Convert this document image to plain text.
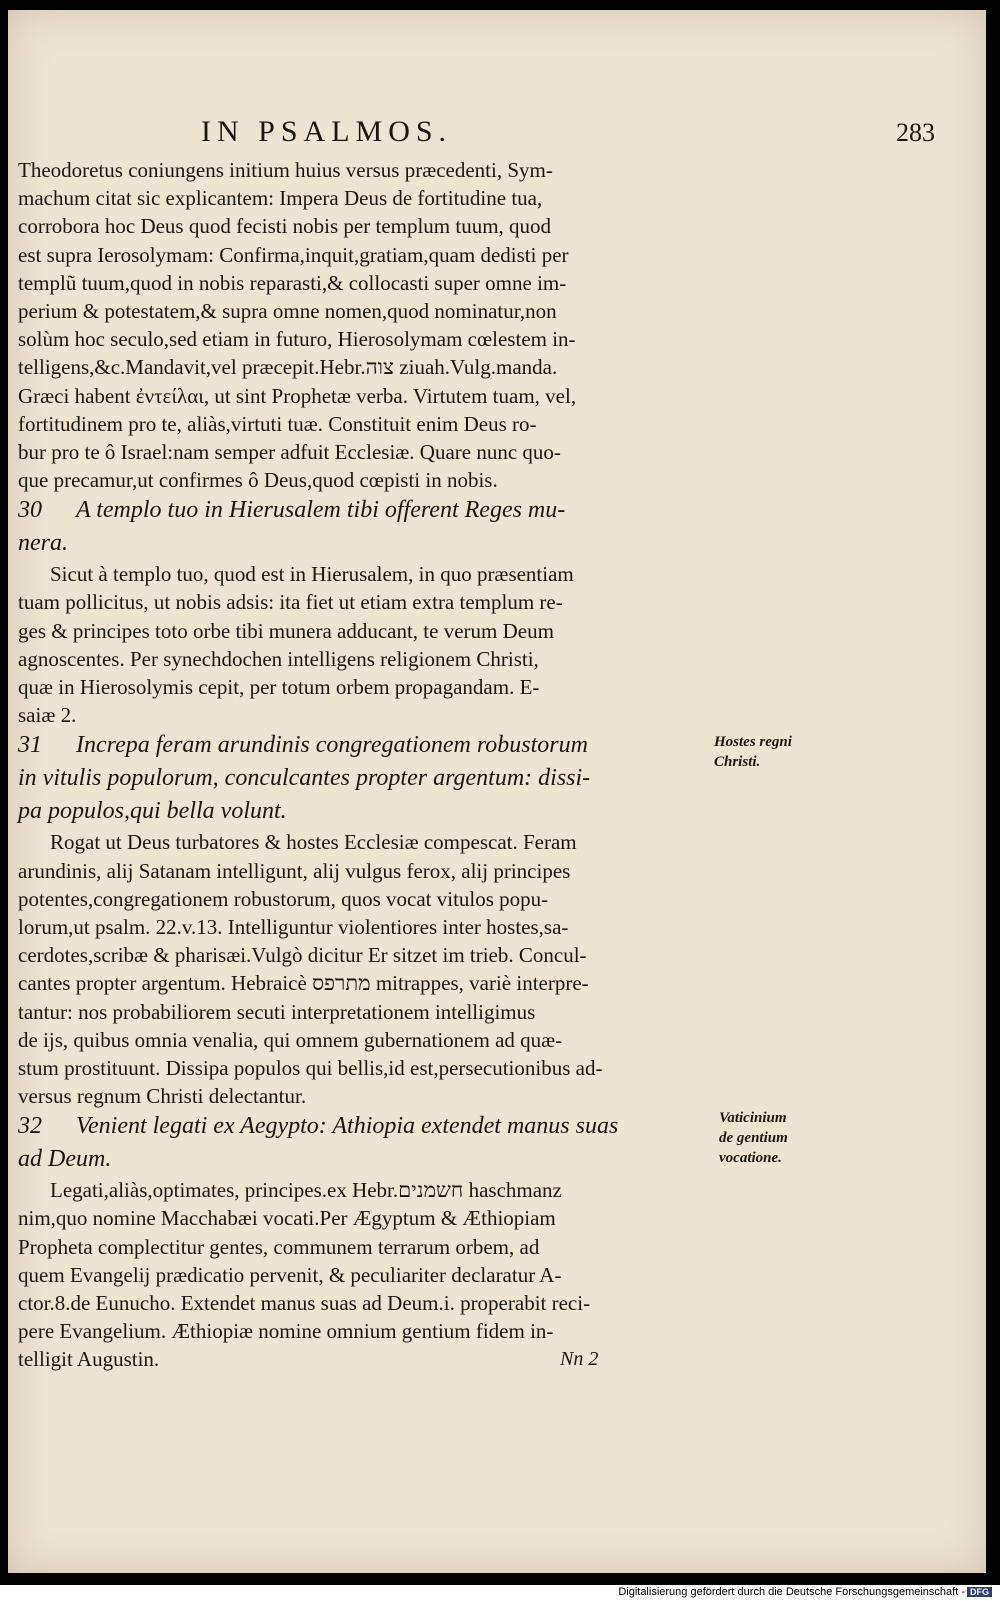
IN PSALMOS.	283
Theodoretus coniungens initium huius versus præcedenti, Sym-
machum citat sic explicantem: Impera Deus de fortitudine tua,
corrobora hoc Deus quod fecisti nobis per templum tuum, quod
est supra Ierosolymam: Confirma,inquit,gratiam,quam dedisti per
templũ tuum,quod in nobis reparasti,& collocasti super omne im-
perium & potestatem,& supra omne nomen,quod nominatur,non
solùm hoc seculo,sed etiam in futuro, Hierosolymam cœlestem in-
telligens,&c.Mandavit,vel præcepit.Hebr.צוה ziuah.Vulg.manda.
Græci habent ἐντείλαι, ut sint Prophetæ verba. Virtutem tuam, vel,
fortitudinem pro te, aliàs,virtuti tuæ. Constituit enim Deus ro-
bur pro te ô Israel:nam semper adfuit Ecclesiæ. Quare nunc quo-
que precamur,ut confirmes ô Deus,quod cœpisti in nobis.
30 A templo tuo in Hierusalem tibi offerent Reges mu-
nera.
Sicut à templo tuo, quod est in Hierusalem, in quo præsentiam
tuam pollicitus, ut nobis adsis: ita fiet ut etiam extra templum re-
ges & principes toto orbe tibi munera adducant, te verum Deum
agnoscentes. Per synechdochen intelligens religionem Christi,
quæ in Hierosolymis cepit, per totum orbem propagandam. E-
saiæ 2.
31 Increpa feram arundinis congregationem robustorum
in vitulis populorum, conculcantes propter argentum: dissi-
pa populos,qui bella volunt.
Rogat ut Deus turbatores & hostes Ecclesiæ compescat. Feram
arundinis, alij Satanam intelligunt, alij vulgus ferox, alij principes
potentes,congregationem robustorum, quos vocat vitulos popu-
lorum,ut psalm. 22.v.13. Intelliguntur violentiores inter hostes,sa-
cerdotes,scribæ & pharisæi.Vulgò dicitur Er sitzet im trieb. Concul-
cantes propter argentum. Hebraicè מתרפס mitrappes, variè interpre-
tantur: nos probabiliorem secuti interpretationem intelligimus
de ijs, quibus omnia venalia, qui omnem gubernationem ad quæ-
stum prostituunt. Dissipa populos qui bellis,id est,persecutionibus ad-
versus regnum Christi delectantur.
32 Venient legati ex Aegypto: Athiopia extendet manus suas
ad Deum.
Legati,aliàs,optimates, principes.ex Hebr.חשמנים haschmanz
nim,quo nomine Macchabæi vocati.Per Ægyptum & Æthiopiam
Propheta complectitur gentes, communem terrarum orbem, ad
quem Evangelij prædicatio pervenit, & peculiariter declaratur A-
ctor.8.de Eunucho. Extendet manus suas ad Deum.i. properabit reci-
pere Evangelium. Æthiopiæ nomine omnium gentium fidem in-
telligit Augustin.
Hostes regni
Christi.
Vaticinium
de gentium
vocatione.
Nn 2
Digitalisierung gefördert durch die Deutsche Forschungsgemeinschaft - DFG
